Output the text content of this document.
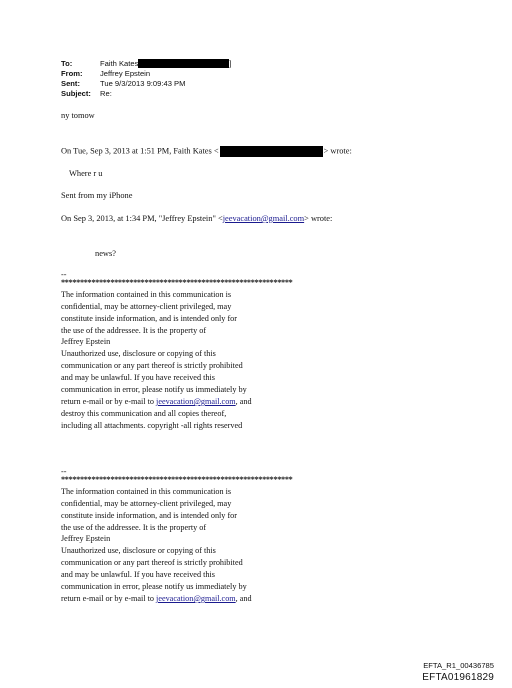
To:	Faith Kates	]
From:	Jeffrey Epstein
Sent:	Tue 9/3/2013 9:09:43 PM
Subject:	Re:
ny tomow
On Tue, Sep 3, 2013 at 1:51 PM, Faith Kates <	> wrote:
Where r u
Sent from my iPhone
On Sep 3, 2013, at 1:34 PM, "Jeffrey Epstein" <jeevacation@gmail.com> wrote:
news?
--
*************************************************************
The information contained in this communication is
confidential, may be attorney-client privileged, may
constitute inside information, and is intended only for
the use of the addressee. It is the property of
Jeffrey Epstein
Unauthorized use, disclosure or copying of this
communication or any part thereof is strictly prohibited
and may be unlawful. If you have received this
communication in error, please notify us immediately by
return e-mail or by e-mail to jeevacation@gmail.com, and
destroy this communication and all copies thereof,
including all attachments. copyright -all rights reserved
--
*************************************************************
The information contained in this communication is
confidential, may be attorney-client privileged, may
constitute inside information, and is intended only for
the use of the addressee. It is the property of
Jeffrey Epstein
Unauthorized use, disclosure or copying of this
communication or any part thereof is strictly prohibited
and may be unlawful. If you have received this
communication in error, please notify us immediately by
return e-mail or by e-mail to jeevacation@gmail.com, and
EFTA_R1_00436785
EFTA01961829
